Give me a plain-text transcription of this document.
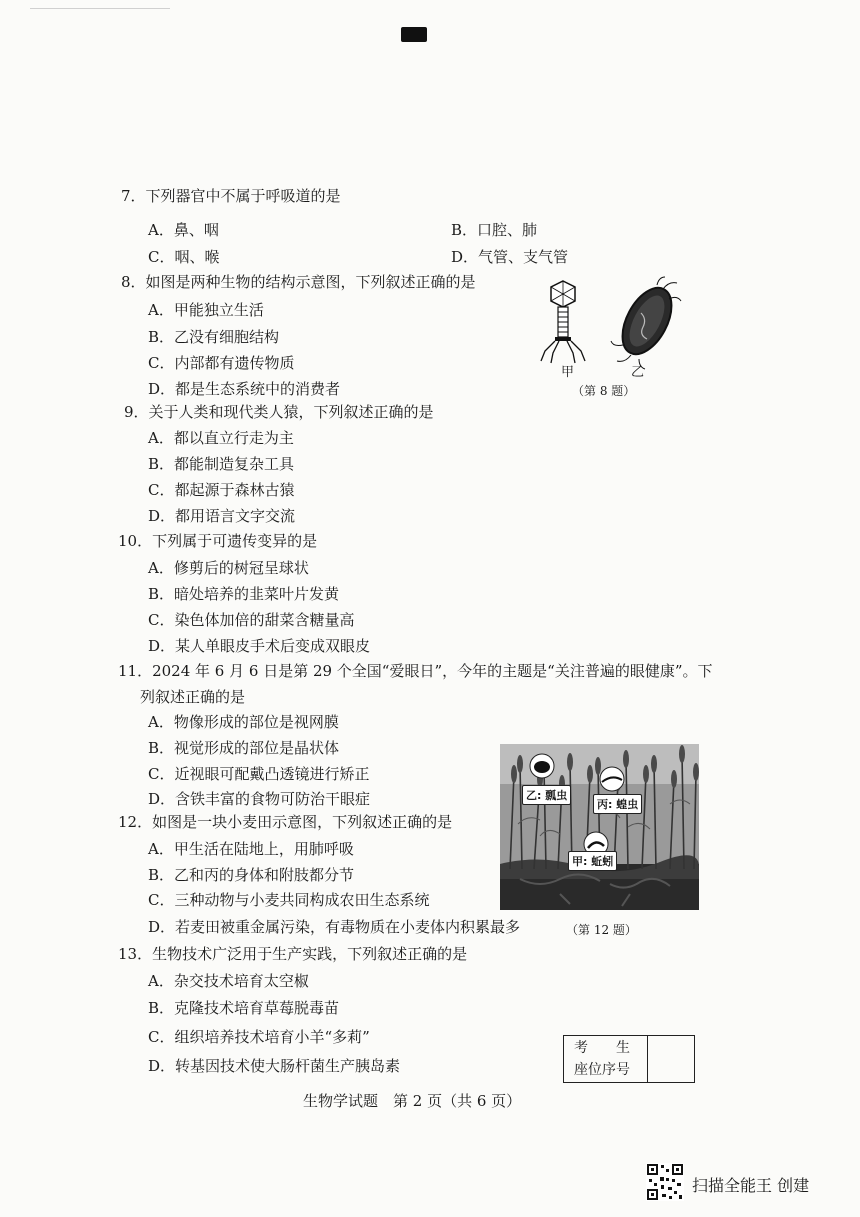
7．下列器官中不属于呼吸道的是
A．鼻、咽	B．口腔、肺
C．咽、喉	D．气管、支气管
8．如图是两种生物的结构示意图，下列叙述正确的是
A．甲能独立生活
B．乙没有细胞结构
C．内部都有遗传物质
D．都是生态系统中的消费者
甲	乙
（第 8 题）
9．关于人类和现代类人猿，下列叙述正确的是
A．都以直立行走为主
B．都能制造复杂工具
C．都起源于森林古猿
D．都用语言文字交流
10．下列属于可遗传变异的是
A．修剪后的树冠呈球状
B．暗处培养的韭菜叶片发黄
C．染色体加倍的甜菜含糖量高
D．某人单眼皮手术后变成双眼皮
11．2024 年 6 月 6 日是第 29 个全国“爱眼日”，今年的主题是“关注普遍的眼健康”。下
列叙述正确的是
A．物像形成的部位是视网膜
B．视觉形成的部位是晶状体
C．近视眼可配戴凸透镜进行矫正
D．含铁丰富的食物可防治干眼症	乙: 瓢虫
丙: 蝗虫
甲: 蚯蚓
（第 12 题）
12．如图是一块小麦田示意图，下列叙述正确的是
A．甲生活在陆地上，用肺呼吸
B．乙和丙的身体和附肢都分节
C．三种动物与小麦共同构成农田生态系统
D．若麦田被重金属污染，有毒物质在小麦体内积累最多
13．生物技术广泛用于生产实践，下列叙述正确的是
A．杂交技术培育太空椒
B．克隆技术培育草莓脱毒苗
C．组织培养技术培育小羊“多莉”
D．转基因技术使大肠杆菌生产胰岛素
考　　生
座位序号
生物学试题　第 2 页（共 6 页）
扫描全能王 创建
